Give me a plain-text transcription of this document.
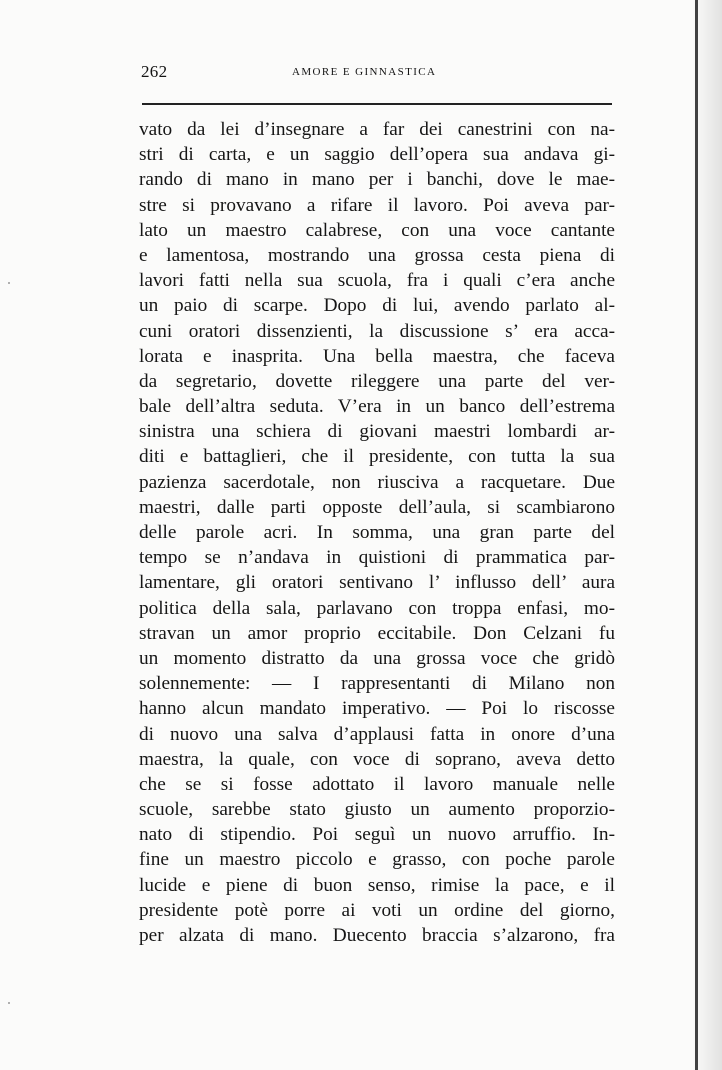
262	AMORE E GINNASTICA
vato da lei d’insegnare a far dei canestrini con na-
stri di carta, e un saggio dell’opera sua andava gi-
rando di mano in mano per i banchi, dove le mae-
stre si provavano a rifare il lavoro. Poi aveva par-
lato un maestro calabrese, con una voce cantante
e lamentosa, mostrando una grossa cesta piena di
lavori fatti nella sua scuola, fra i quali c’era anche
un paio di scarpe. Dopo di lui, avendo parlato al-
cuni oratori dissenzienti, la discussione s’ era acca-
lorata e inasprita. Una bella maestra, che faceva
da segretario, dovette rileggere una parte del ver-
bale dell’altra seduta. V’era in un banco dell’estrema
sinistra una schiera di giovani maestri lombardi ar-
diti e battaglieri, che il presidente, con tutta la sua
pazienza sacerdotale, non riusciva a racquetare. Due
maestri, dalle parti opposte dell’aula, si scambiarono
delle parole acri. In somma, una gran parte del
tempo se n’andava in quistioni di prammatica par-
lamentare, gli oratori sentivano l’ influsso dell’ aura
politica della sala, parlavano con troppa enfasi, mo-
stravan un amor proprio eccitabile. Don Celzani fu
un momento distratto da una grossa voce che gridò
solennemente: — I rappresentanti di Milano non
hanno alcun mandato imperativo. — Poi lo riscosse
di nuovo una salva d’applausi fatta in onore d’una
maestra, la quale, con voce di soprano, aveva detto
che se si fosse adottato il lavoro manuale nelle
scuole, sarebbe stato giusto un aumento proporzio-
nato di stipendio. Poi seguì un nuovo arruffio. In-
fine un maestro piccolo e grasso, con poche parole
lucide e piene di buon senso, rimise la pace, e il
presidente potè porre ai voti un ordine del giorno,
per alzata di mano. Duecento braccia s’alzarono, fra
